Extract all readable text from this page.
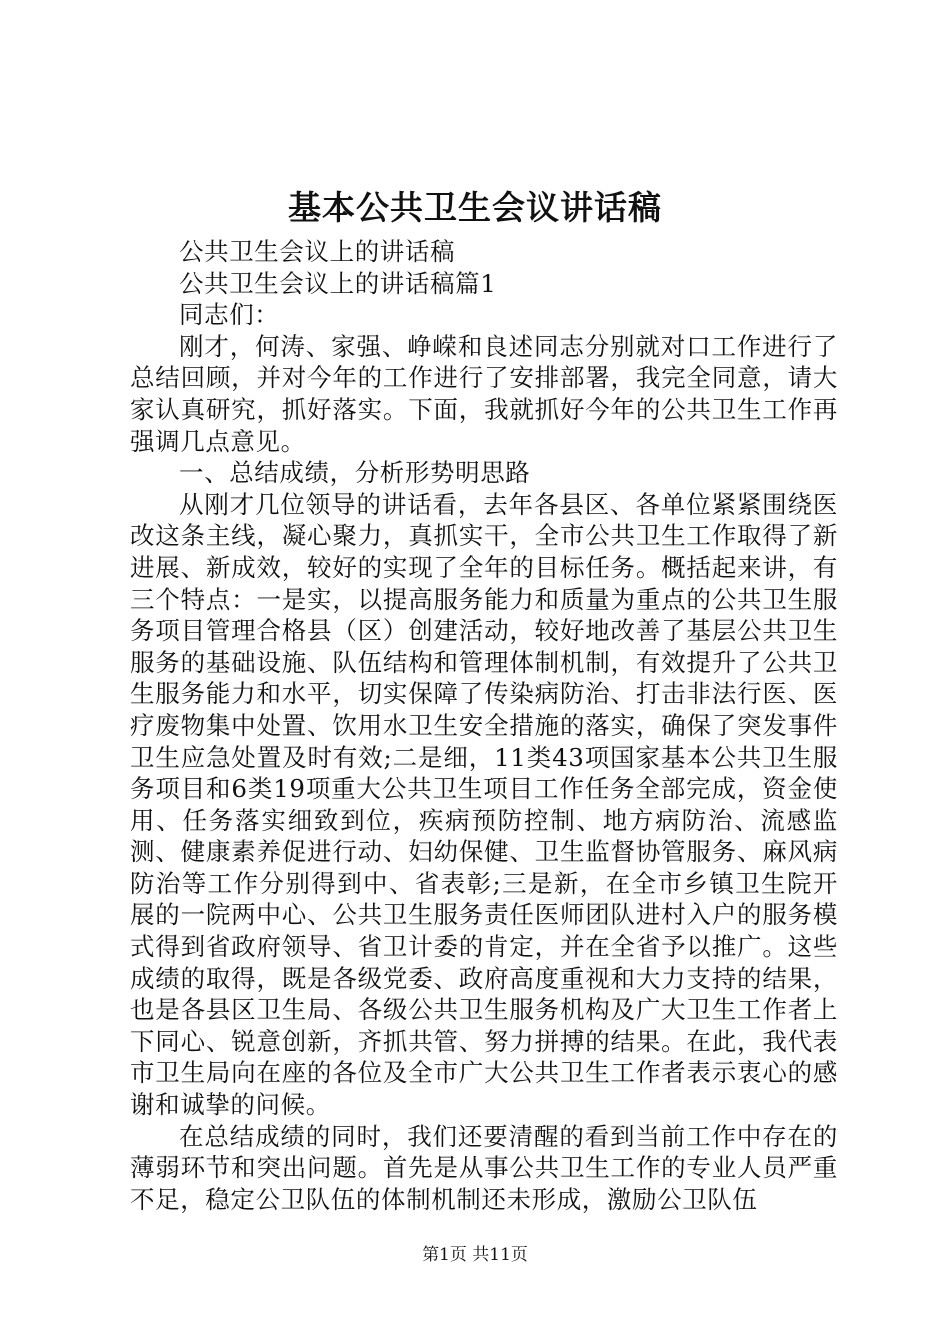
基本公共卫生会议讲话稿

公共卫生会议上的讲话稿

公共卫生会议上的讲话稿篇1

同志们：

刚才，何涛、家强、峥嵘和良述同志分别就对口工作进行了总结回顾，并对今年的工作进行了安排部署，我完全同意，请大家认真研究，抓好落实。下面，我就抓好今年的公共卫生工作再强调几点意见。

一、总结成绩，分析形势明思路

从刚才几位领导的讲话看，去年各县区、各单位紧紧围绕医改这条主线，凝心聚力，真抓实干，全市公共卫生工作取得了新进展、新成效，较好的实现了全年的目标任务。概括起来讲，有三个特点：一是实，以提高服务能力和质量为重点的公共卫生服务项目管理合格县（区）创建活动，较好地改善了基层公共卫生服务的基础设施、队伍结构和管理体制机制，有效提升了公共卫生服务能力和水平，切实保障了传染病防治、打击非法行医、医疗废物集中处置、饮用水卫生安全措施的落实，确保了突发事件卫生应急处置及时有效;二是细，11类43项国家基本公共卫生服务项目和6类19项重大公共卫生项目工作任务全部完成，资金使用、任务落实细致到位，疾病预防控制、地方病防治、流感监测、健康素养促进行动、妇幼保健、卫生监督协管服务、麻风病防治等工作分别得到中、省表彰;三是新，在全市乡镇卫生院开展的一院两中心、公共卫生服务责任医师团队进村入户的服务模式得到省政府领导、省卫计委的肯定，并在全省予以推广。这些成绩的取得，既是各级党委、政府高度重视和大力支持的结果，也是各县区卫生局、各级公共卫生服务机构及广大卫生工作者上下同心、锐意创新，齐抓共管、努力拼搏的结果。在此，我代表市卫生局向在座的各位及全市广大公共卫生工作者表示衷心的感谢和诚挚的问候。

在总结成绩的同时，我们还要清醒的看到当前工作中存在的薄弱环节和突出问题。首先是从事公共卫生工作的专业人员严重不足，稳定公卫队伍的体制机制还未形成，激励公卫队伍

第1页 共11页
